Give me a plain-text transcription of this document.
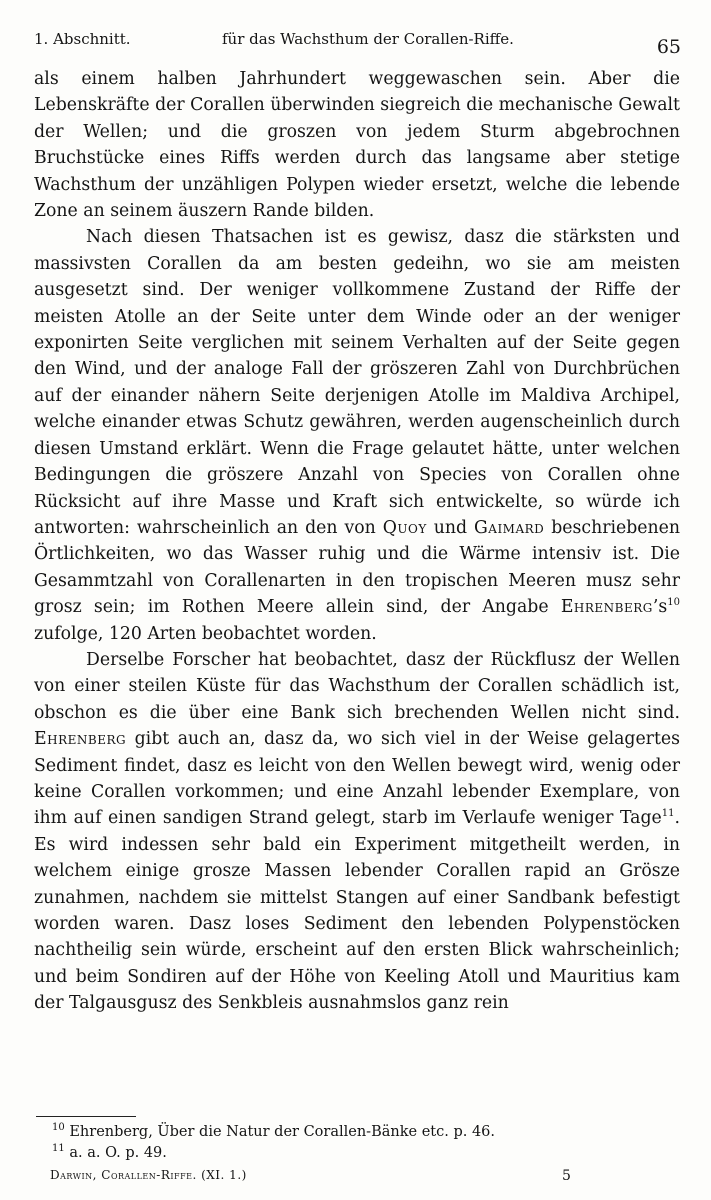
1. Abschnitt.	für das Wachsthum der Corallen-Riffe.	65

als einem halben Jahrhundert weggewaschen sein. Aber die Lebenskräfte der Corallen überwinden siegreich die mechanische Gewalt der Wellen; und die groszen von jedem Sturm abgebrochnen Bruchstücke eines Riffs werden durch das langsame aber stetige Wachsthum der unzähligen Polypen wieder ersetzt, welche die lebende Zone an seinem äuszern Rande bilden.

Nach diesen Thatsachen ist es gewisz, dasz die stärksten und massivsten Corallen da am besten gedeihn, wo sie am meisten ausgesetzt sind. Der weniger vollkommene Zustand der Riffe der meisten Atolle an der Seite unter dem Winde oder an der weniger exponirten Seite verglichen mit seinem Verhalten auf der Seite gegen den Wind, und der analoge Fall der gröszeren Zahl von Durchbrüchen auf der einander nähern Seite derjenigen Atolle im Maldiva Archipel, welche einander etwas Schutz gewähren, werden augenscheinlich durch diesen Umstand erklärt. Wenn die Frage gelautet hätte, unter welchen Bedingungen die gröszere Anzahl von Species von Corallen ohne Rücksicht auf ihre Masse und Kraft sich entwickelte, so würde ich antworten: wahrscheinlich an den von Quoy und Gaimard beschriebenen Örtlichkeiten, wo das Wasser ruhig und die Wärme intensiv ist. Die Gesammtzahl von Corallenarten in den tropischen Meeren musz sehr grosz sein; im Rothen Meere allein sind, der Angabe $Ehrenberg’s^{10}$ zufolge, 120 Arten beobachtet worden.

Derselbe Forscher hat beobachtet, dasz der Rückflusz der Wellen von einer steilen Küste für das Wachsthum der Corallen schädlich ist, obschon es die über eine Bank sich brechenden Wellen nicht sind. Ehrenberg gibt auch an, dasz da, wo sich viel in der Weise gelagertes Sediment findet, dasz es leicht von den Wellen bewegt wird, wenig oder keine Corallen vorkommen; und eine Anzahl lebender Exemplare, von ihm auf einen sandigen Strand gelegt, starb im Verlaufe weniger Tage$^{11}$. Es wird indessen sehr bald ein Experiment mitgetheilt werden, in welchem einige grosze Massen lebender Corallen rapid an Grösze zunahmen, nachdem sie mittelst Stangen auf einer Sandbank befestigt worden waren. Dasz loses Sediment den lebenden Polypenstöcken nachtheilig sein würde, erscheint auf den ersten Blick wahrscheinlich; und beim Sondiren auf der Höhe von Keeling Atoll und Mauritius kam der Talgausgusz des Senkbleis ausnahmslos ganz rein

$^{10}$ Ehrenberg, Über die Natur der Corallen-Bänke etc. p. 46.

$^{11}$ a. a. O. p. 49.

Darwin, Corallen-Riffe. (XI. 1.)	5
